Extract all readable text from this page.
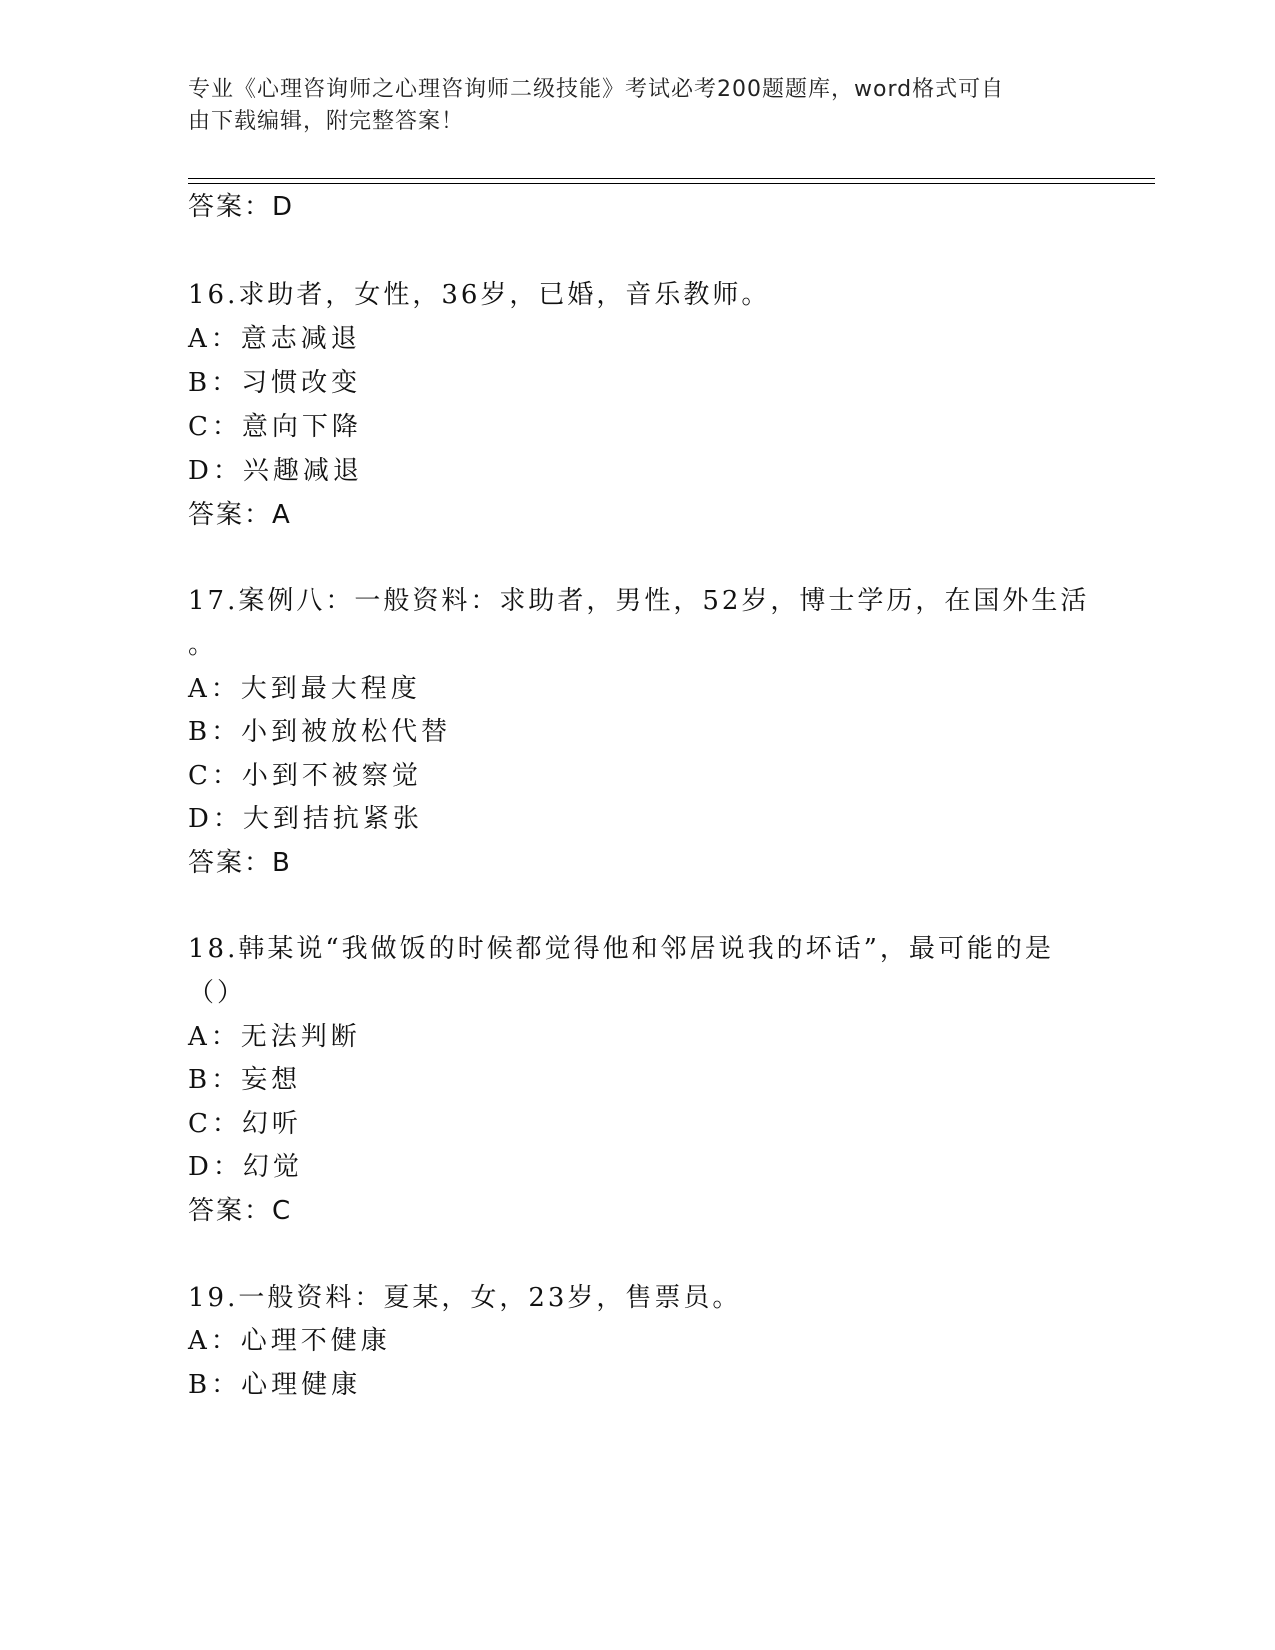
专业《心理咨询师之心理咨询师二级技能》考试必考200题题库，word格式可自
由下载编辑，附完整答案！
答案：D
16.求助者，女性，36岁，已婚，音乐教师。
A：意志减退
B：习惯改变
C：意向下降
D：兴趣减退
答案：A
17.案例八：一般资料：求助者，男性，52岁，博士学历，在国外生活
。
A：大到最大程度
B：小到被放松代替
C：小到不被察觉
D：大到拮抗紧张
答案：B
18.韩某说“我做饭的时候都觉得他和邻居说我的坏话”，最可能的是
（）
A：无法判断
B：妄想
C：幻听
D：幻觉
答案：C
19.一般资料：夏某，女，23岁，售票员。
A：心理不健康
B：心理健康
